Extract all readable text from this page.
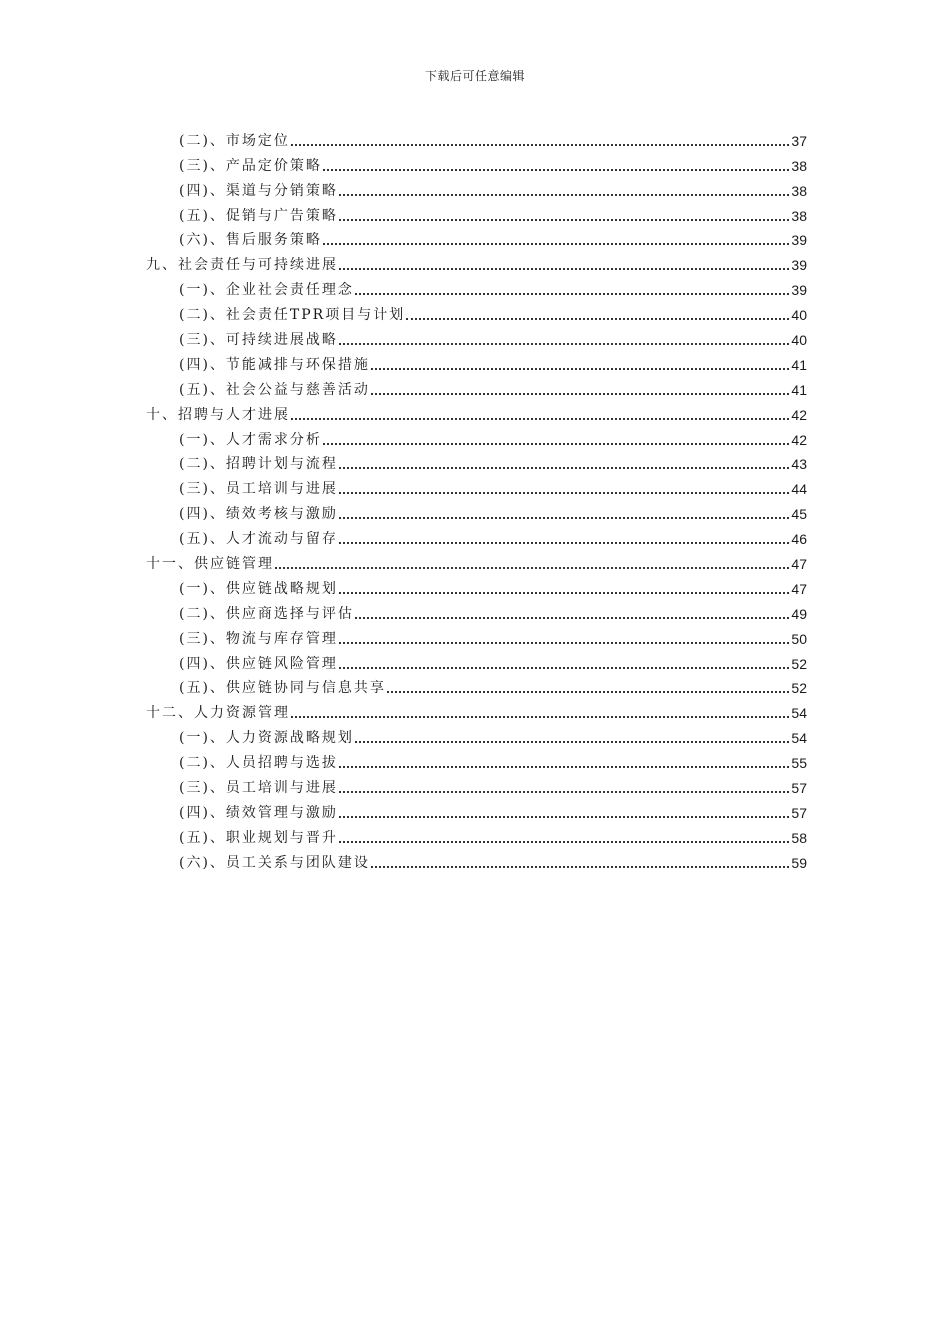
下载后可任意编辑
(二)、市场定位	37
(三)、产品定价策略	38
(四)、渠道与分销策略	38
(五)、促销与广告策略	38
(六)、售后服务策略	39
九、社会责任与可持续进展	39
(一)、企业社会责任理念	39
(二)、社会责任TPR项目与计划	40
(三)、可持续进展战略	40
(四)、节能减排与环保措施	41
(五)、社会公益与慈善活动	41
十、招聘与人才进展	42
(一)、人才需求分析	42
(二)、招聘计划与流程	43
(三)、员工培训与进展	44
(四)、绩效考核与激励	45
(五)、人才流动与留存	46
十一、供应链管理	47
(一)、供应链战略规划	47
(二)、供应商选择与评估	49
(三)、物流与库存管理	50
(四)、供应链风险管理	52
(五)、供应链协同与信息共享	52
十二、人力资源管理	54
(一)、人力资源战略规划	54
(二)、人员招聘与选拔	55
(三)、员工培训与进展	57
(四)、绩效管理与激励	57
(五)、职业规划与晋升	58
(六)、员工关系与团队建设	59
